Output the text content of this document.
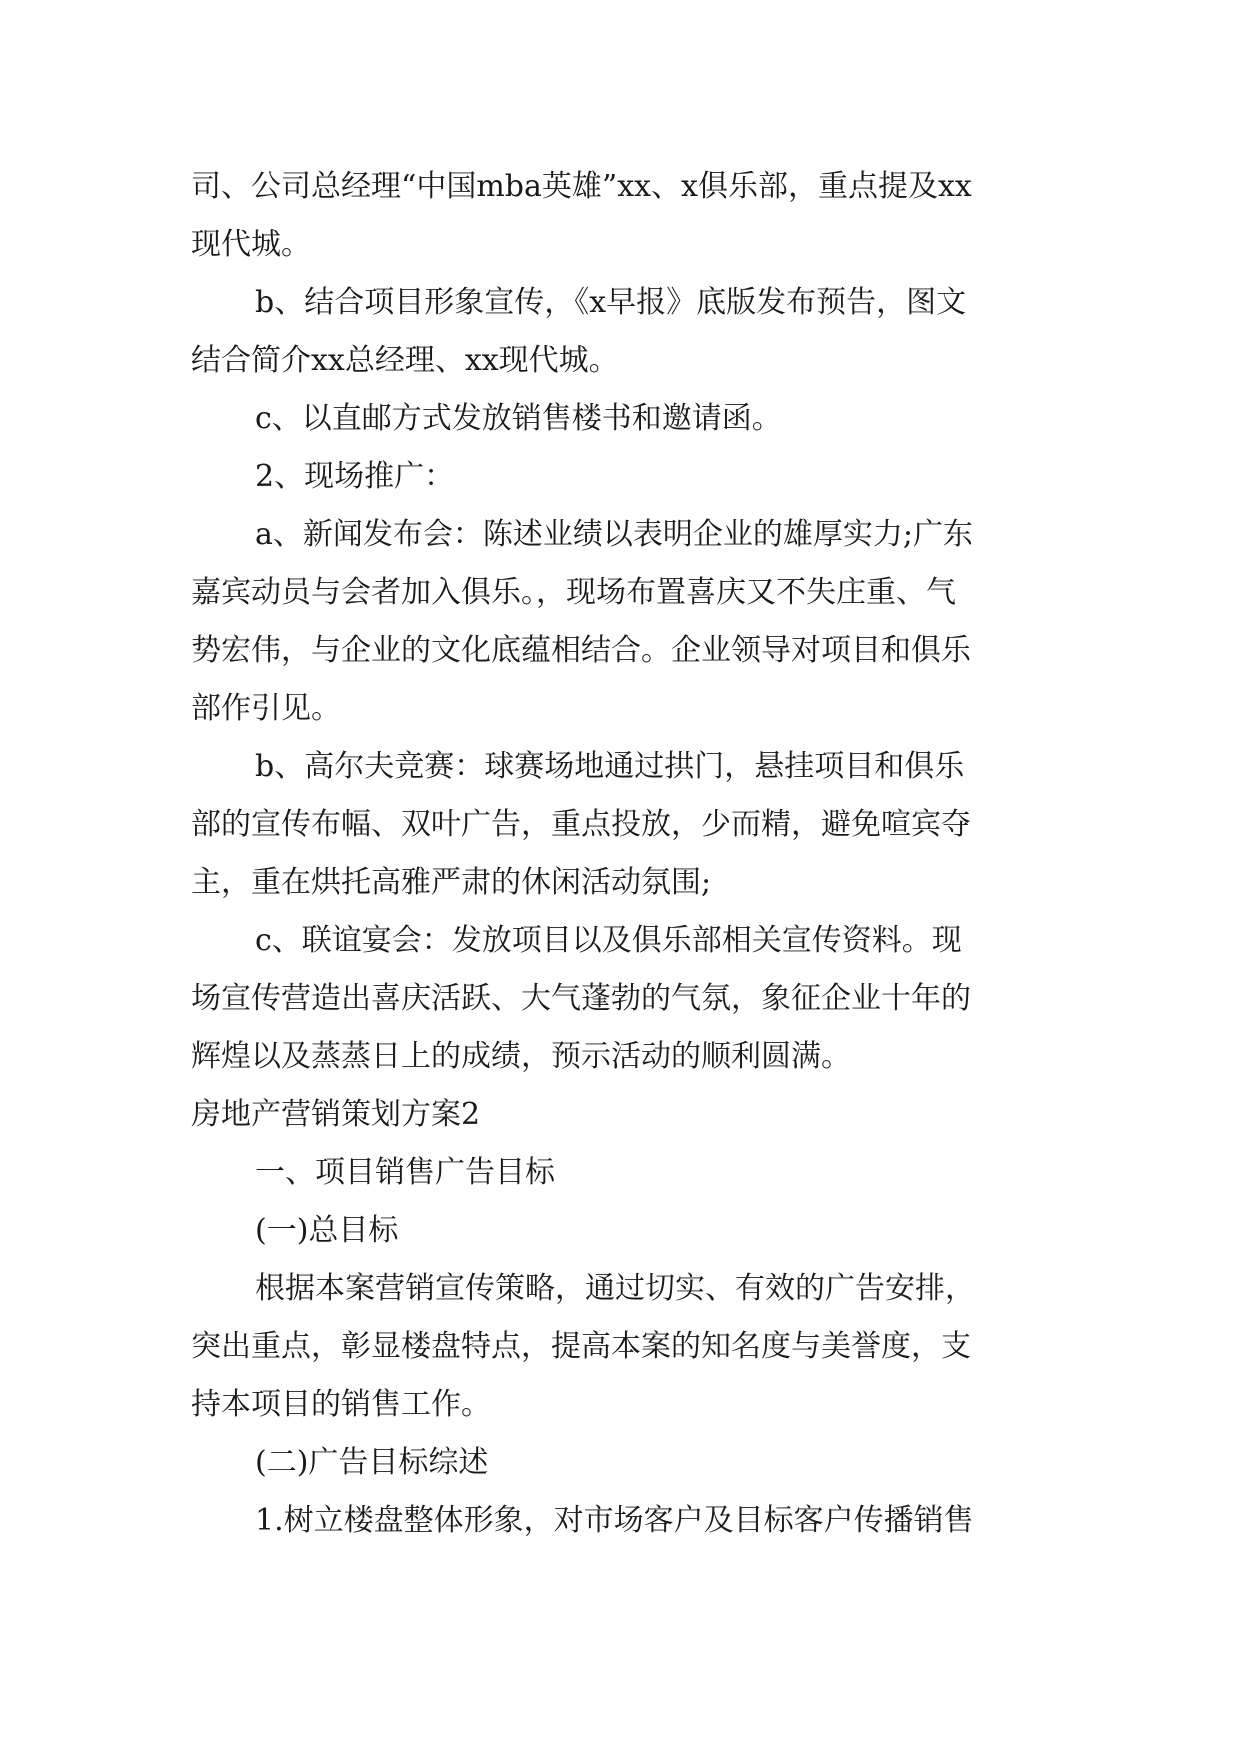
司、公司总经理“中国mba英雄”xx、x俱乐部，重点提及xx
现代城。
b、结合项目形象宣传，《x早报》底版发布预告，图文
结合简介xx总经理、xx现代城。
c、以直邮方式发放销售楼书和邀请函。
2、现场推广：
a、新闻发布会：陈述业绩以表明企业的雄厚实力;广东
嘉宾动员与会者加入俱乐。，现场布置喜庆又不失庄重、气
势宏伟，与企业的文化底蕴相结合。企业领导对项目和俱乐
部作引见。
b、高尔夫竞赛：球赛场地通过拱门，悬挂项目和俱乐
部的宣传布幅、双叶广告，重点投放，少而精，避免喧宾夺
主，重在烘托高雅严肃的休闲活动氛围;
c、联谊宴会：发放项目以及俱乐部相关宣传资料。现
场宣传营造出喜庆活跃、大气蓬勃的气氛，象征企业十年的
辉煌以及蒸蒸日上的成绩，预示活动的顺利圆满。
房地产营销策划方案2
一、项目销售广告目标
(一)总目标
根据本案营销宣传策略，通过切实、有效的广告安排，
突出重点，彰显楼盘特点，提高本案的知名度与美誉度，支
持本项目的销售工作。
(二)广告目标综述
1.树立楼盘整体形象，对市场客户及目标客户传播销售
